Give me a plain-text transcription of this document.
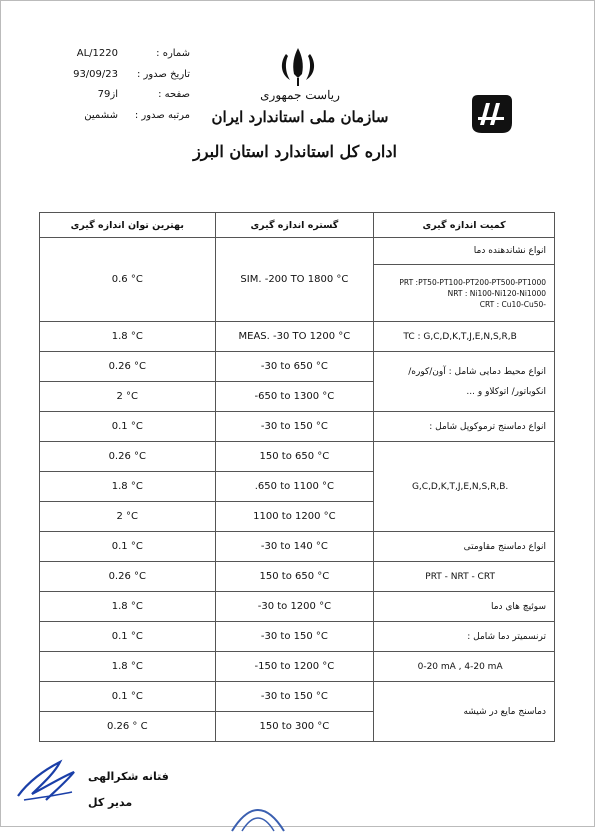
AL/1220	شماره :
93/09/23	تاریخ صدور :
7از9	صفحه :
ششمین	مرتبه صدور :
ریاست جمهوری
سازمان ملی استاندارد ایران
اداره کل استاندارد استان البرز
بهترین توان اندازه گیری	گستره اندازه گیری	کمیت اندازه گیری
0.6 °C	SIM. -200 TO 1800 °C	انواع نشاندهنده دما
		PRT :PT50-PT100-PT200-PT500-PT1000
NRT : Ni100-Ni120-Ni1000
CRT : Cu10-Cu50-
1.8 °C	MEAS. -30 TO 1200 °C	TC : G,C,D,K,T,J,E,N,S,R,B
0.26 °C	-30 to 650 °C	انواع محیط دمایی شامل : آون/کوره/ انکوباتور/ اتوکلاو و ...
2 °C	-650 to 1300 °C	
0.1 °C	-30 to 150 °C	انواع دماسنج ترموکوپل شامل :
0.26 °C	150 to 650 °C	G,C,D,K,T,J,E,N,S,R,B.
1.8 °C	.650 to 1100 °C	
2 °C	1100 to 1200 °C	
0.1 °C	-30 to 140 °C	انواع دماسنج مقاومتی
0.26 °C	150 to 650 °C	PRT - NRT - CRT
1.8 °C	-30 to 1200 °C	سوئیچ های دما
0.1 °C	-30 to 150 °C	ترنسمیتر دما شامل :
1.8 °C	-150 to 1200 °C	0-20 mA , 4-20 mA
0.1 °C	-30 to 150 °C	دماسنج مایع در شیشه
0.26 ° C	150 to 300 °C	
فتانه شکرالهی
مدیر کل
